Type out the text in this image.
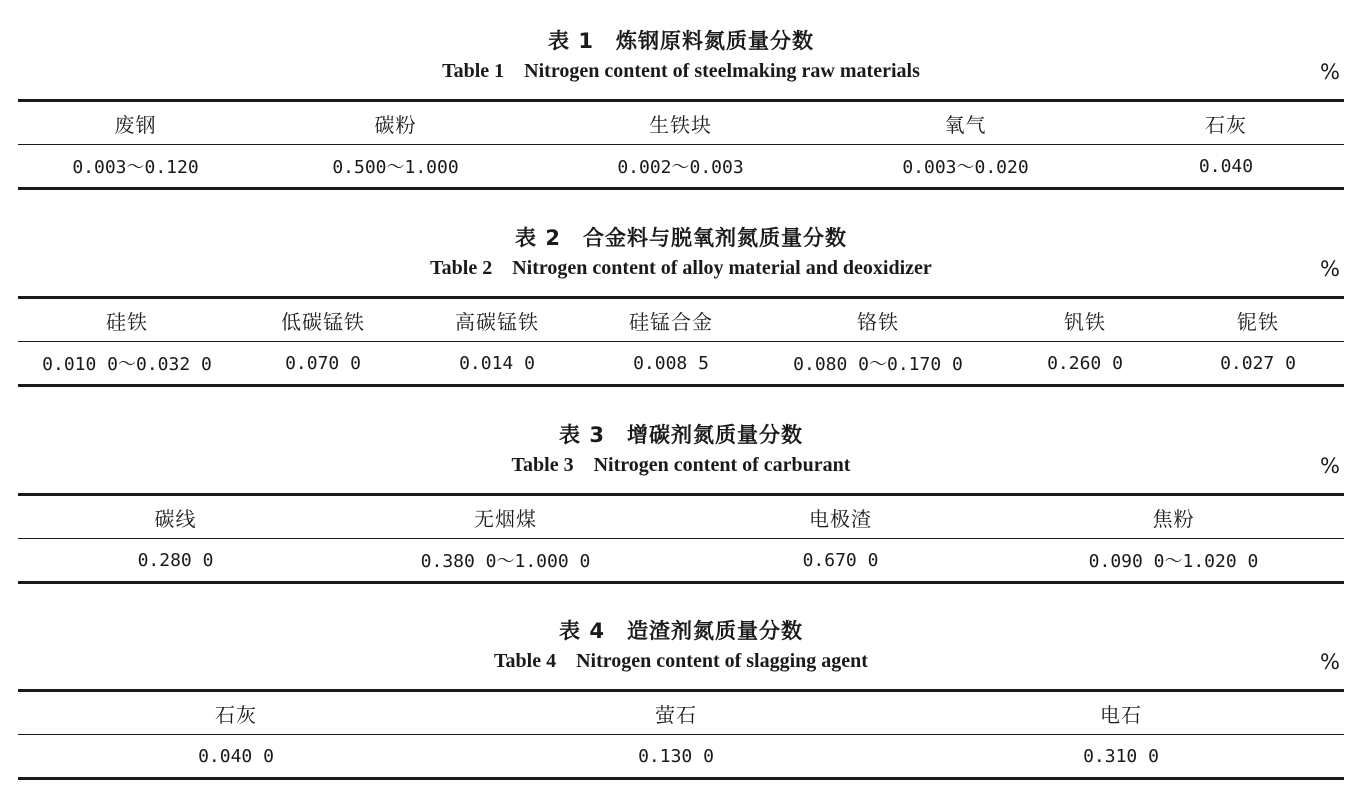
表 1　炼钢原料氮质量分数
Table 1　Nitrogen content of steelmaking raw materials	%
废钢	碳粉	生铁块	氧气	石灰
0.003～0.120	0.500～1.000	0.002～0.003	0.003～0.020	0.040
表 2　合金料与脱氧剂氮质量分数
Table 2　Nitrogen content of alloy material and deoxidizer	%
硅铁	低碳锰铁	高碳锰铁	硅锰合金	铬铁	钒铁	铌铁
0.010 0～0.032 0	0.070 0	0.014 0	0.008 5	0.080 0～0.170 0	0.260 0	0.027 0
表 3　增碳剂氮质量分数
Table 3　Nitrogen content of carburant	%
碳线	无烟煤	电极渣	焦粉
0.280 0	0.380 0～1.000 0	0.670 0	0.090 0～1.020 0
表 4　造渣剂氮质量分数
Table 4　Nitrogen content of slagging agent	%
石灰	萤石	电石
0.040 0	0.130 0	0.310 0
